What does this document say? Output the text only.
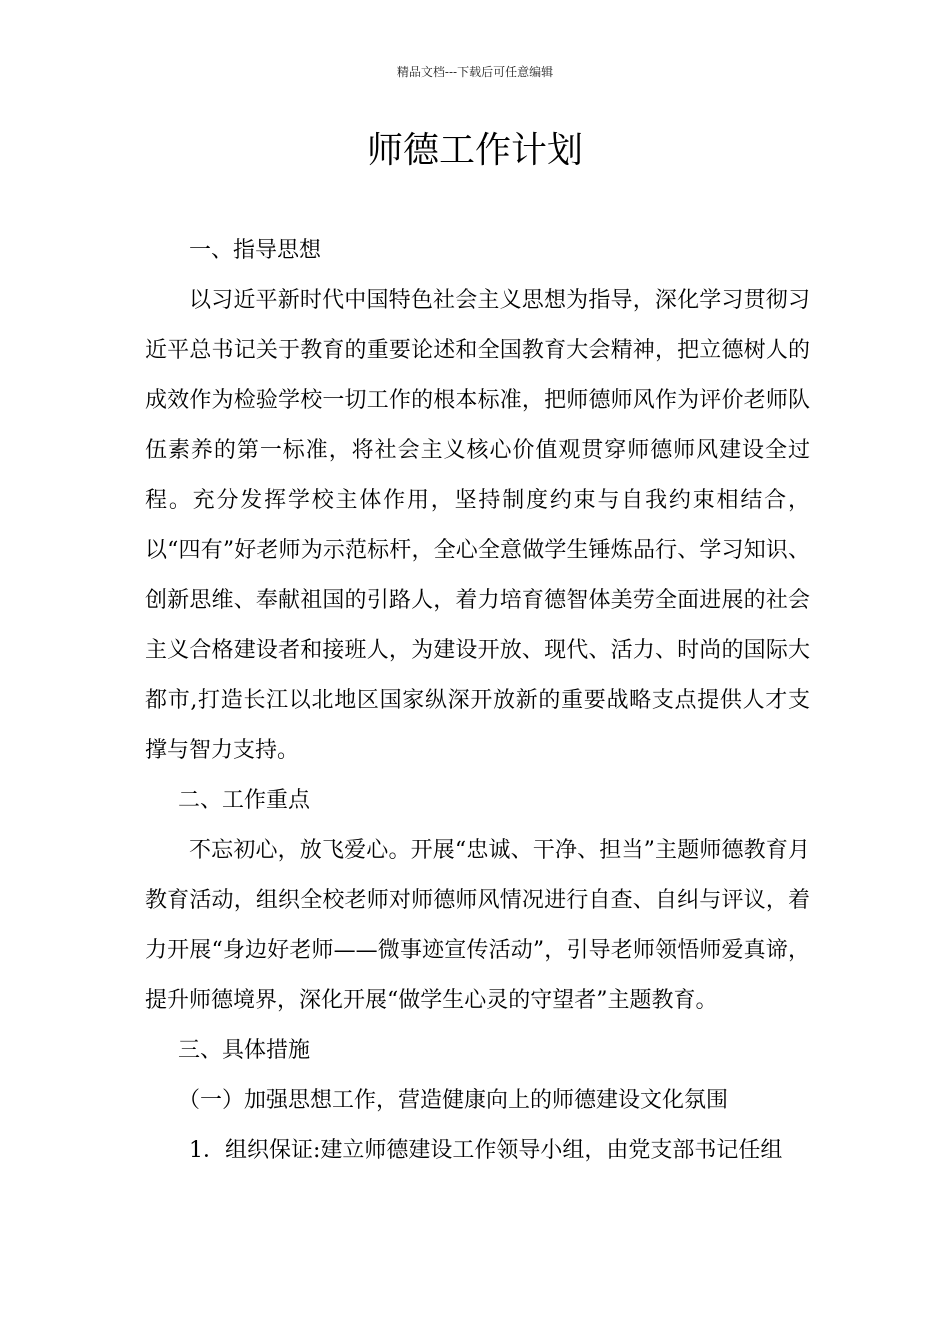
精品文档---下载后可任意编辑
师德工作计划

一、指导思想

以习近平新时代中国特色社会主义思想为指导，深化学习贯彻习近平总书记关于教育的重要论述和全国教育大会精神，把立德树人的成效作为检验学校一切工作的根本标准，把师德师风作为评价老师队伍素养的第一标准，将社会主义核心价值观贯穿师德师风建设全过程。充分发挥学校主体作用，坚持制度约束与自我约束相结合，以“四有”好老师为示范标杆，全心全意做学生锤炼品行、学习知识、创新思维、奉献祖国的引路人，着力培育德智体美劳全面进展的社会主义合格建设者和接班人，为建设开放、现代、活力、时尚的国际大都市,打造长江以北地区国家纵深开放新的重要战略支点提供人才支撑与智力支持。

二、工作重点

不忘初心，放飞爱心。开展“忠诚、干净、担当”主题师德教育月教育活动，组织全校老师对师德师风情况进行自查、自纠与评议，着力开展“身边好老师——微事迹宣传活动”，引导老师领悟师爱真谛，提升师德境界，深化开展“做学生心灵的守望者”主题教育。

三、具体措施

（一）加强思想工作，营造健康向上的师德建设文化氛围

1．组织保证:建立师德建设工作领导小组，由党支部书记任组
